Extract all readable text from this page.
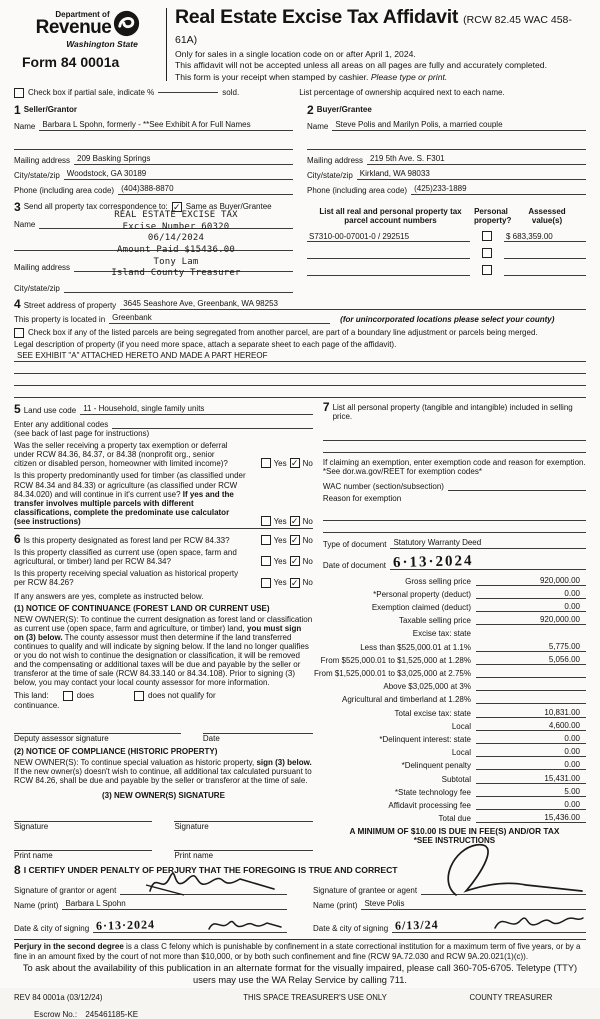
Department of
Revenue
Washington State
Form 84 0001a
Real Estate Excise Tax Affidavit (RCW 82.45 WAC 458-61A)
Only for sales in a single location code on or after April 1, 2024.
This affidavit will not be accepted unless all areas on all pages are fully and accurately completed.
This form is your receipt when stamped by cashier. Please type or print.
Check box if partial sale, indicate %	sold.	List percentage of ownership acquired next to each name.
1 Seller/Grantor
Name Barbara L Spohn, formerly - **See Exhibit A for Full Names
Mailing address 209 Basking Springs
City/state/zip Woodstock, GA 30189
Phone (including area code) (404)388-8870
2 Buyer/Grantee
Name Steve Polis and Marilyn Polis, a married couple
Mailing address 219 5th Ave. S. F301
City/state/zip Kirkland, WA 98033
Phone (including area code) (425)233-1889
3 Send all property tax correspondence to: ✓ Same as Buyer/Grantee
REAL ESTATE EXCISE TAX
Excise Number 60320
06/14/2024
Amount Paid $15436.00
Tony Lam
Island County Treasurer
Name
Mailing address
City/state/zip
List all real and personal property tax
parcel account numbers
Personal
property?
Assessed
value(s)
S7310-00-07001-0 / 292515	$ 683,359.00
4 Street address of property 3645 Seashore Ave, Greenbank, WA 98253
This property is located in Greenbank	(for unincorporated locations please select your county)
Check box if any of the listed parcels are being segregated from another parcel, are part of a boundary line adjustment or parcels being merged.
Legal description of property (if you need more space, attach a separate sheet to each page of the affidavit).
SEE EXHIBIT "A" ATTACHED HERETO AND MADE A PART HEREOF
5 Land use code 11 - Household, single family units
Enter any additional codes
(see back of last page for instructions)
Was the seller receiving a property tax exemption or deferral under RCW 84.36, 84.37, or 84.38 (nonprofit org., senior citizen or disabled person, homeowner with limited income)?	Yes ✓ No
Is this property predominantly used for timber (as classified under RCW 84.34 and 84.33) or agriculture (as classified under RCW 84.34.020) and will continue in it's current use? If yes and the transfer involves multiple parcels with different classifications, complete the predominate use calculator (see instructions)	Yes ✓ No
6 Is this property designated as forest land per RCW 84.33?	Yes ✓ No
Is this property classified as current use (open space, farm and agricultural, or timber) land per RCW 84.34?	Yes ✓ No
Is this property receiving special valuation as historical property per RCW 84.26?	Yes ✓ No
If any answers are yes, complete as instructed below.
(1) NOTICE OF CONTINUANCE (FOREST LAND OR CURRENT USE)
NEW OWNER(S): To continue the current designation as forest land or classification as current use (open space, farm and agriculture, or timber) land, you must sign on (3) below. The county assessor must then determine if the land transferred continues to qualify and will indicate by signing below. If the land no longer qualifies or you do not wish to continue the designation or classification, it will be removed and the compensating or additional taxes will be due and payable by the seller or transferor at the time of sale (RCW 84.33.140 or 84.34.108). Prior to signing (3) below, you may contact your local county assessor for more information.
This land:	does	does not qualify for
continuance.
Deputy assessor signature	Date
(2) NOTICE OF COMPLIANCE (HISTORIC PROPERTY)
NEW OWNER(S): To continue special valuation as historic property, sign (3) below. If the new owner(s) doesn't wish to continue, all additional tax calculated pursuant to RCW 84.26, shall be due and payable by the seller or transferor at the time of sale.
(3) NEW OWNER(S) SIGNATURE
Signature	Signature
Print name	Print name
7 List all personal property (tangible and intangible) included in selling price.
If claiming an exemption, enter exemption code and reason for exemption. *See dor.wa.gov/REET for exemption codes*
WAC number (section/subsection)
Reason for exemption
Type of document Statutory Warranty Deed
Date of document 6·13·2024
Gross selling price	920,000.00
*Personal property (deduct)	0.00
Exemption claimed (deduct)	0.00
Taxable selling price	920,000.00
Excise tax: state
Less than $525,000.01 at 1.1%	5,775.00
From $525,000.01 to $1,525,000 at 1.28%	5,056.00
From $1,525,000.01 to $3,025,000 at 2.75%
Above $3,025,000 at 3%
Agricultural and timberland at 1.28%
Total excise tax: state	10,831.00
Local	4,600.00
*Delinquent interest: state	0.00
Local	0.00
*Delinquent penalty	0.00
Subtotal	15,431.00
*State technology fee	5.00
Affidavit processing fee	0.00
Total due	15,436.00
A MINIMUM OF $10.00 IS DUE IN FEE(S) AND/OR TAX
*SEE INSTRUCTIONS
8 I CERTIFY UNDER PENALTY OF PERJURY THAT THE FOREGOING IS TRUE AND CORRECT
Signature of grantor or agent
Name (print) Barbara L Spohn
Date & city of signing 6·13·2024
Signature of grantee or agent
Name (print) Steve Polis
Date & city of signing 6/13/24
Perjury in the second degree is a class C felony which is punishable by confinement in a state correctional institution for a maximum term of five years, or by a fine in an amount fixed by the court of not more than $10,000, or by both such confinement and fine (RCW 9A.72.030 and RCW 9A.20.021(1)(c)).
To ask about the availability of this publication in an alternate format for the visually impaired, please call 360-705-6705. Teletype (TTY) users may use the WA Relay Service by calling 711.
REV 84 0001a (03/12/24)	THIS SPACE TREASURER'S USE ONLY	COUNTY TREASURER
Escrow No.: 245461185-KE
